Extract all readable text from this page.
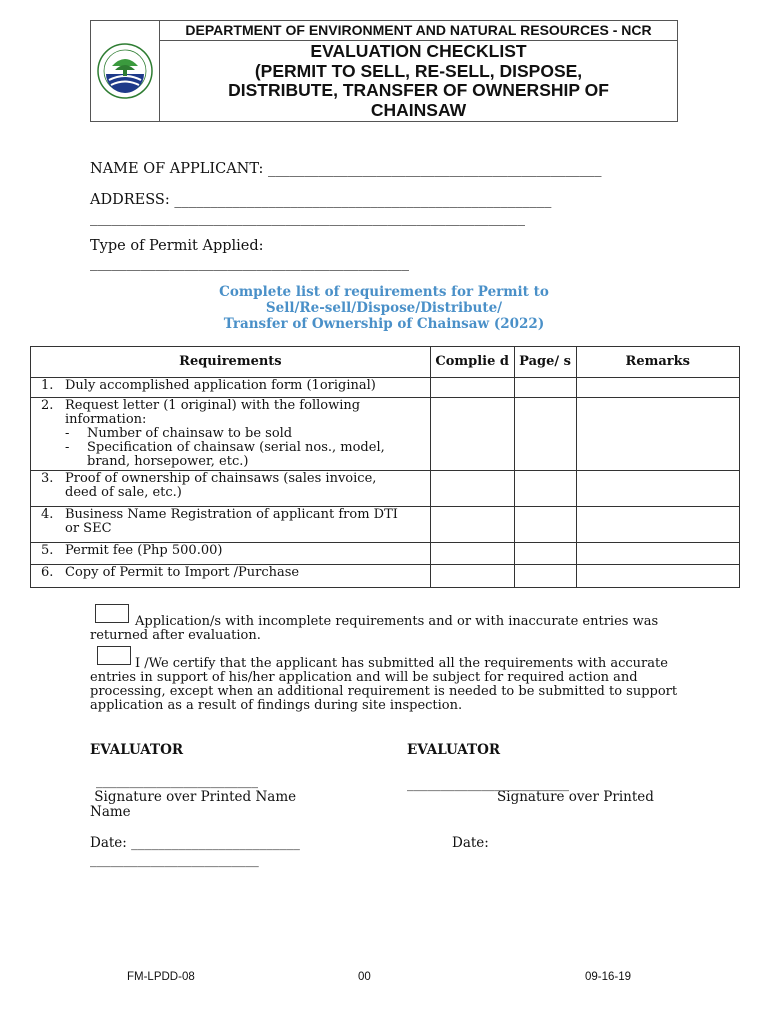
DEPARTMENT OF ENVIRONMENT AND NATURAL RESOURCES - NCR
EVALUATION CHECKLIST
(PERMIT TO SELL, RE-SELL, DISPOSE,
DISTRIBUTE, TRANSFER OF OWNERSHIP OF
CHAINSAW
NAME OF APPLICANT: ______________________________________________
ADDRESS: ____________________________________________________
____________________________________________________________
Type of Permit Applied:
____________________________________________
Complete list of requirements for Permit to
Sell/Re-sell/Dispose/Distribute/
Transfer of Ownership of Chainsaw (2022)
Requirements	Complie d	Page/ s	Remarks
1. Duly accomplished application form (1original)			
2. Request letter (1 original) with the following
information:
- Number of chainsaw to be sold
- Specification of chainsaw (serial nos., model, brand, horsepower, etc.)			

3. Proof of ownership of chainsaws (sales invoice,
deed of sale, etc.)			

4. Business Name Registration of applicant from DTI
or SEC			

5. Permit fee (Php 500.00)			
6. Copy of Permit to Import /Purchase			
Application/s with incomplete requirements and or with inaccurate entries was returned after evaluation.
I /We certify that the applicant has submitted all the requirements with accurate entries in support of his/her application and will be subject for required action and processing, except when an additional requirement is needed to be submitted to support application as a result of findings during site inspection.
EVALUATOR	EVALUATOR
________________________	________________________
Signature over Printed Name
Name
Signature over Printed
Date: _________________________	Date:
_________________________
FM-LPDD-08	00	09-16-19
